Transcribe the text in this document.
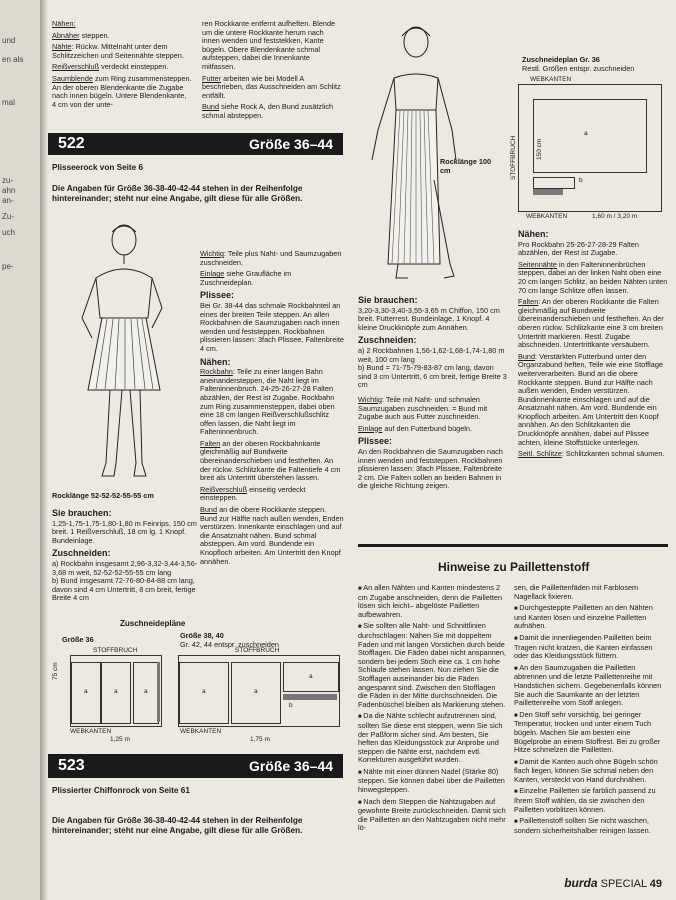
und
en als
mal
zu-
ahn
an-
Zu-
uch
pe-

Nähen:

Abnäher steppen.

Nähte: Rückw. Mittelnaht unter dem Schlitzzeichen und Seitennähte steppen.

Reißverschluß verdeckt einsteppen.

Saumblende zum Ring zusammensteppen. An der oberen Blendenkante die Zugabe nach innen bügeln. Untere Blendenkante, 4 cm von der unte-

ren Rockkante entfernt aufheften. Blende um die untere Rockkante herum nach innen wenden und feststekken, Kante bügeln. Obere Blendenkante schmal aufsteppen, dabei die Innenkante mitfassen.

Futter arbeiten wie bei Modell A beschrieben, das Ausschneiden am Schlitz entfällt.

Bund siehe Rock A, den Bund zusätzlich schmal absteppen.

522	Größe 36–44
Plisseerock von Seite 6
Die Angaben für Größe 36-38-40-42-44 stehen in der Reihenfolge hintereinander; steht nur eine Angabe, gilt diese für alle Größen.
Rocklänge 52-52-52-55-55 cm
Sie brauchen:

1,25-1,75-1,75-1,80-1,80 m Feinrips, 150 cm breit. 1 Reißverschluß, 18 cm lg. 1 Knopf. Bundeinlage.

Zuschneiden:

a) Rockbahn insgesamt 2,96-3,32-3,44-3,56-3,68 m weit, 52-52-52-55-55 cm lang
b) Bund insgesamt 72-76-80-84-88 cm lang, davon sind 4 cm Untertritt, 8 cm breit, fertige Breite 4 cm

Wichtig: Teile plus Naht- und Saumzugaben zuschneiden.

Einlage siehe Graufläche im Zuschneideplan.

Plissee:

Bei Gr. 38-44 das schmale Rockbahnteil an eines der breiten Teile steppen. An allen Rockbahnen die Saumzugaben nach innen wenden und feststeppen. Rockbahnen plissieren lassen: 3fach Plissee, Faltenbreite 4 cm.

Nähen:

Rockbahn: Teile zu einer langen Bahn aneinandersteppen, die Naht liegt im Falteninnenbruch. 24-25-26-27-28 Falten abzählen, der Rest ist Zugabe. Rockbahn zum Ring zusammensteppen, dabei oben eine 18 cm langen Reißverschlußschlitz offen lassen, die Naht liegt im Falteninnenbruch.

Falten an der oberen Rockbahnkante gleichmäßig auf Bundweite übereinanderschieben und festheften. An der rückw. Schlitzkante die Faltentiefe 4 cm breit als Untertritt überstehen lassen.

Reißverschluß einseitig verdeckt einsteppen.

Bund an die obere Rockkante steppen. Bund zur Hälfte nach außen wenden, Enden verstürzen. Innenkante einschlagen und auf die Ansatznaht nähen. Bund schmal absteppen. Am vord. Bundende ein Knopfloch arbeiten. Am Untertritt den Knopf annähen.

Zuschneidepläne
Größe 36	Größe 38, 40
Gr. 42, 44 entspr. zuschneiden
STOFFBRUCH
a	a	a
75 cm
WEBKANTEN
1,25 m
STOFFBRUCH
a	a
a
b
WEBKANTEN
1,75 m
523	Größe 36–44
Plissierter Chiffonrock von Seite 61
Die Angaben für Größe 36-38-40-42-44 stehen in der Reihenfolge hintereinander; steht nur eine Angabe, gilt diese für alle Größen.
Rocklänge 100 cm
Sie brauchen:

3,20-3,30-3,40-3,55-3,65 m Chiffon, 150 cm breit. Futterrest. Bundeinlage. 1 Knopf. 4 kleine Druckknöpfe zum Annähen.

Zuschneiden:

a) 2 Rockbahnen 1,56-1,62-1,68-1,74-1,80 m weit, 100 cm lang
b) Bund = 71-75-79-83-87 cm lang, davon sind 3 cm Untertritt, 6 cm breit, fertige Breite 3 cm

Wichtig: Teile mit Naht- und schmalen Saumzugaben zuschneiden. = Bund mit Zugabe auch aus Futter zuschneiden.

Einlage auf den Futterbund bügeln.

Plissee:

An den Rockbahnen die Saumzugaben nach innen wenden und feststeppen. Rockbahnen plissieren lassen: 3fach Plissee, Faltenbreite 2 cm. Die Falten sollen an beiden Bahnen in die gleiche Richtung zeigen.

Zuschneideplan Gr. 36
Restl. Größen entspr. zuschneiden
WEBKANTEN
a
b
STOFFBRUCH	150 cm
WEBKANTEN	1,60 m / 3,20 m
Nähen:

Pro Rockbahn 25-26-27-28-29 Falten abzählen, der Rest ist Zugabe.

Seitennähte in den Falteninnenbrüchen steppen, dabei an der linken Naht oben eine 20 cm langen Schlitz, an beiden Nähten unten 70 cm lange Schlitze offen lassen.

Falten: An der oberen Rockkante die Falten gleichmäßig auf Bundweite übereinanderschieben und festheften. An der oberen rückw. Schlitzkante eine 3 cm breiten Untertritt markieren. Restl. Zugabe abschneiden. Untertrittkante versäubern.

Bund: Verstärkten Futterbund unter den Organzabund heften, Teile wie eine Stofflage weiterverarbeiten. Bund an die obere Rockkante steppen. Bund zur Hälfte nach außen wenden, Enden verstürzen. Bundinnenkante einschlagen und auf die Ansatznaht nähen. Am vord. Bundende ein Knopfloch arbeiten. Am Untertritt den Knopf annähen. An den Schlitzkanten die Druckknöpfe annähen, dabei auf Plissee achten, kleine Stoffstücke unterlegen.

Seitl. Schlitze: Schlitzkanten schmal säumen.

Hinweise zu Paillettenstoff

■ An allen Nähten und Kanten mindestens 2 cm Zugabe anschneiden, denn die Pailletten lösen sich leicht– abgelöste Pailletten aufbewahren.

■ Sie sollten alle Naht- und Schnittlinien durchschlagen: Nähen Sie mit doppeltem Faden und mit langen Vorstichen durch beide Stofflagen. Die Fäden dabei nicht anspannen, sondern bei jedem Stich eine ca. 1 cm hohe Schlaufe stehen lassen. Nun ziehen Sie die Stofflagen auseinander bis die Fäden angespannt sind. Zwischen den Stofflagen die Fäden in der Mitte durchschneiden. Die Fadenbüschel bleiben als Markierung stehen.

■ Da die Nähte schlecht aufzutrennen sind, sollten Sie diese erst steppen, wenn Sie sich der Paßform sicher sind. Am besten, Sie heften das Kleidungsstück zur Anprobe und steppen die Nähte erst, nachdem evtl. Korrekturen ausgeführt wurden.

■ Nähte mit einer dünnen Nadel (Stärke 80) steppen. Sie können dabei über die Pailletten hinwegsteppen.

■ Nach dem Steppen die Nahtzugaben auf gewohnte Breite zurückschneiden. Damit sich die Pailletten an den Nahtzugaben nicht mehr lö-

sen, die Paillettenfäden mit Farblosem Nagellack fixieren.

■ Durchgesteppte Pailletten an den Nähten und Kanten lösen und einzelne Pailletten aufnähen.

■ Damit die innenliegenden Pailletten beim Tragen nicht kratzen, die Kanten einfassen oder das Kleidungsstück füttern.

■ An den Saumzugaben die Pailletten abtrennen und die letzte Paillettenreihe mit Handstichen sichern. Gegebenenfalls können Sie auch die Saumkante an der letzten Paillettenreihe vom Stoff anlegen.

■ Den Stoff sehr vorsichtig, bei geringer Temperatur, trocken und unter einem Tuch bügeln. Machen Sie am besten eine Bügelprobe an einem Stoffrest. Bei zu großer Hitze schmelzen die Pailletten.

■ Damit die Kanten auch ohne Bügeln schön flach liegen, können Sie schmal neben den Kanten, versteckt von Hand durchnähen.

■ Einzelne Pailletten sie farblich passend zu Ihrem Stoff wählen, da sie zwischen den Pailletten vorblitzen können.

■ Paillettenstoff sollten Sie nicht waschen, sondern sicherheitshalber reinigen lassen.

burda SPECIAL 49
